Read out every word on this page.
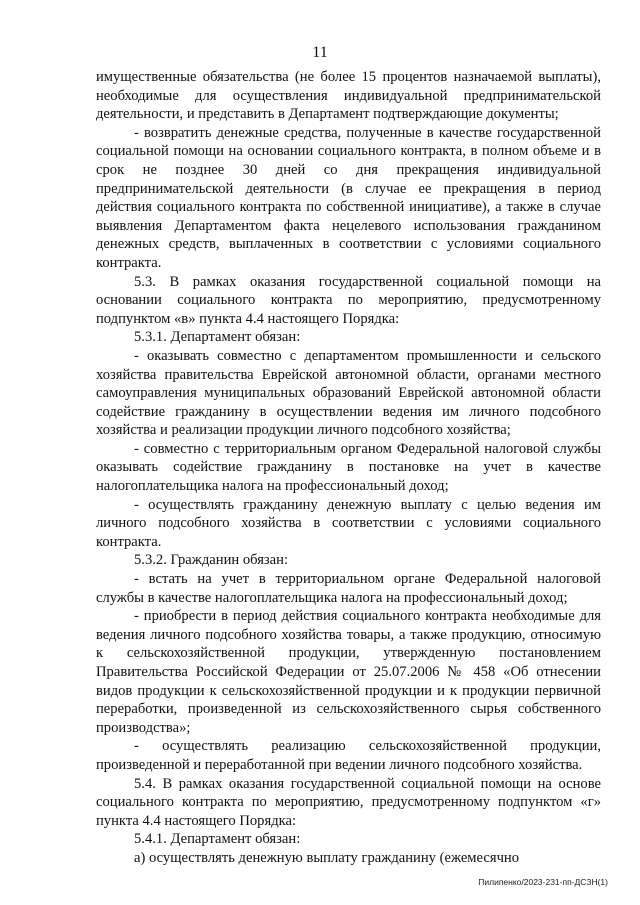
11

имущественные обязательства (не более 15 процентов назначаемой выплаты), необходимые для осуществления индивидуальной предпринимательской деятельности, и представить в Департамент подтверждающие документы;

- возвратить денежные средства, полученные в качестве государственной социальной помощи на основании социального контракта, в полном объеме и в срок не позднее 30 дней со дня прекращения индивидуальной предпринимательской деятельности (в случае ее прекращения в период действия социального контракта по собственной инициативе), а также в случае выявления Департаментом факта нецелевого использования гражданином денежных средств, выплаченных в соответствии с условиями социального контракта.

5.3. В рамках оказания государственной социальной помощи на основании социального контракта по мероприятию, предусмотренному подпунктом «в» пункта 4.4 настоящего Порядка:

5.3.1. Департамент обязан:

- оказывать совместно с департаментом промышленности и сельского хозяйства правительства Еврейской автономной области, органами местного самоуправления муниципальных образований Еврейской автономной области содействие гражданину в осуществлении ведения им личного подсобного хозяйства и реализации продукции личного подсобного хозяйства;

- совместно с территориальным органом Федеральной налоговой службы оказывать содействие гражданину в постановке на учет в качестве налогоплательщика налога на профессиональный доход;

- осуществлять гражданину денежную выплату с целью ведения им личного подсобного хозяйства в соответствии с условиями социального контракта.

5.3.2. Гражданин обязан:

- встать на учет в территориальном органе Федеральной налоговой службы в качестве налогоплательщика налога на профессиональный доход;

- приобрести в период действия социального контракта необходимые для ведения личного подсобного хозяйства товары, а также продукцию, относимую к сельскохозяйственной продукции, утвержденную постановлением Правительства Российской Федерации от 25.07.2006 № 458 «Об отнесении видов продукции к сельскохозяйственной продукции и к продукции первичной переработки, произведенной из сельскохозяйственного сырья собственного производства»;

- осуществлять реализацию сельскохозяйственной продукции, произведенной и переработанной при ведении личного подсобного хозяйства.

5.4. В рамках оказания государственной социальной помощи на основе социального контракта по мероприятию, предусмотренному подпунктом «г» пункта 4.4 настоящего Порядка:

5.4.1. Департамент обязан:

а) осуществлять денежную выплату гражданину (ежемесячно

Пилипенко/2023-231-пп-ДСЗН(1)
